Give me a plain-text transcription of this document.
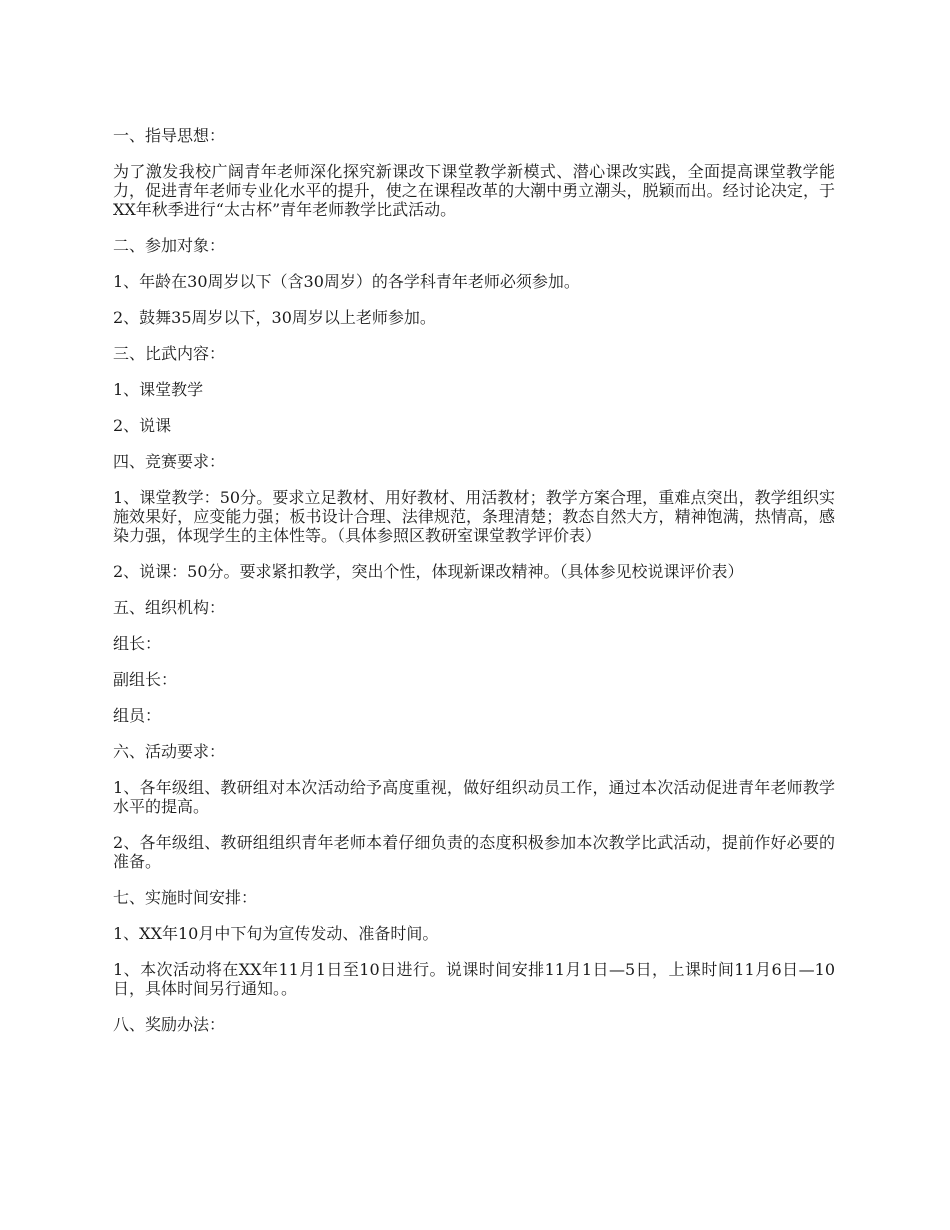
一、指导思想：

为了激发我校广阔青年老师深化探究新课改下课堂教学新模式、潜心课改实践，全面提高课堂教学能力，促进青年老师专业化水平的提升，使之在课程改革的大潮中勇立潮头，脱颖而出。经讨论决定，于XX年秋季进行“太古杯”青年老师教学比武活动。

二、参加对象：

1、年龄在30周岁以下（含30周岁）的各学科青年老师必须参加。

2、鼓舞35周岁以下，30周岁以上老师参加。

三、比武内容：

1、课堂教学

2、说课

四、竞赛要求：

1、课堂教学：50分。要求立足教材、用好教材、用活教材；教学方案合理，重难点突出，教学组织实施效果好，应变能力强；板书设计合理、法律规范，条理清楚；教态自然大方，精神饱满，热情高，感染力强，体现学生的主体性等。（具体参照区教研室课堂教学评价表）

2、说课：50分。要求紧扣教学，突出个性，体现新课改精神。（具体参见校说课评价表）

五、组织机构：

组长：

副组长：

组员：

六、活动要求：

1、各年级组、教研组对本次活动给予高度重视，做好组织动员工作，通过本次活动促进青年老师教学水平的提高。

2、各年级组、教研组组织青年老师本着仔细负责的态度积极参加本次教学比武活动，提前作好必要的准备。

七、实施时间安排：

1、XX年10月中下旬为宣传发动、准备时间。

1、本次活动将在XX年11月1日至10日进行。说课时间安排11月1日—5日，上课时间11月6日—10日，具体时间另行通知。。

八、奖励办法：
